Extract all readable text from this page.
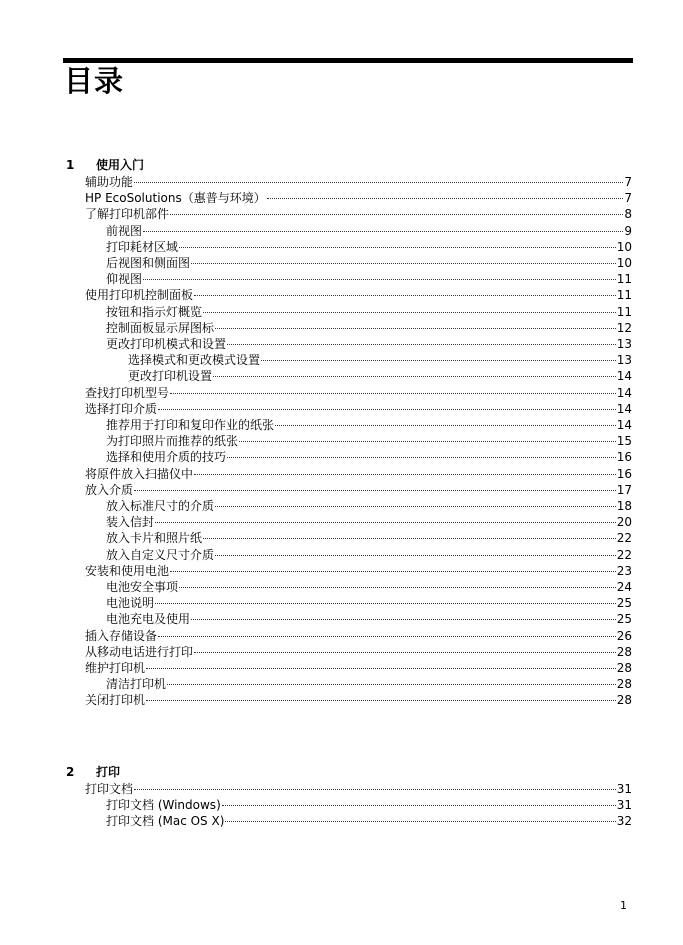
目录
1 使用入门
辅助功能	7
HP EcoSolutions（惠普与环境）	7
了解打印机部件	8
前视图	9
打印耗材区域	10
后视图和侧面图	10
仰视图	11
使用打印机控制面板	11
按钮和指示灯概览	11
控制面板显示屏图标	12
更改打印机模式和设置	13
选择模式和更改模式设置	13
更改打印机设置	14
查找打印机型号	14
选择打印介质	14
推荐用于打印和复印作业的纸张	14
为打印照片而推荐的纸张	15
选择和使用介质的技巧	16
将原件放入扫描仪中	16
放入介质	17
放入标准尺寸的介质	18
装入信封	20
放入卡片和照片纸	22
放入自定义尺寸介质	22
安装和使用电池	23
电池安全事项	24
电池说明	25
电池充电及使用	25
插入存储设备	26
从移动电话进行打印	28
维护打印机	28
清洁打印机	28
关闭打印机	28
2 打印
打印文档	31
打印文档 (Windows)	31
打印文档 (Mac OS X)	32
1
